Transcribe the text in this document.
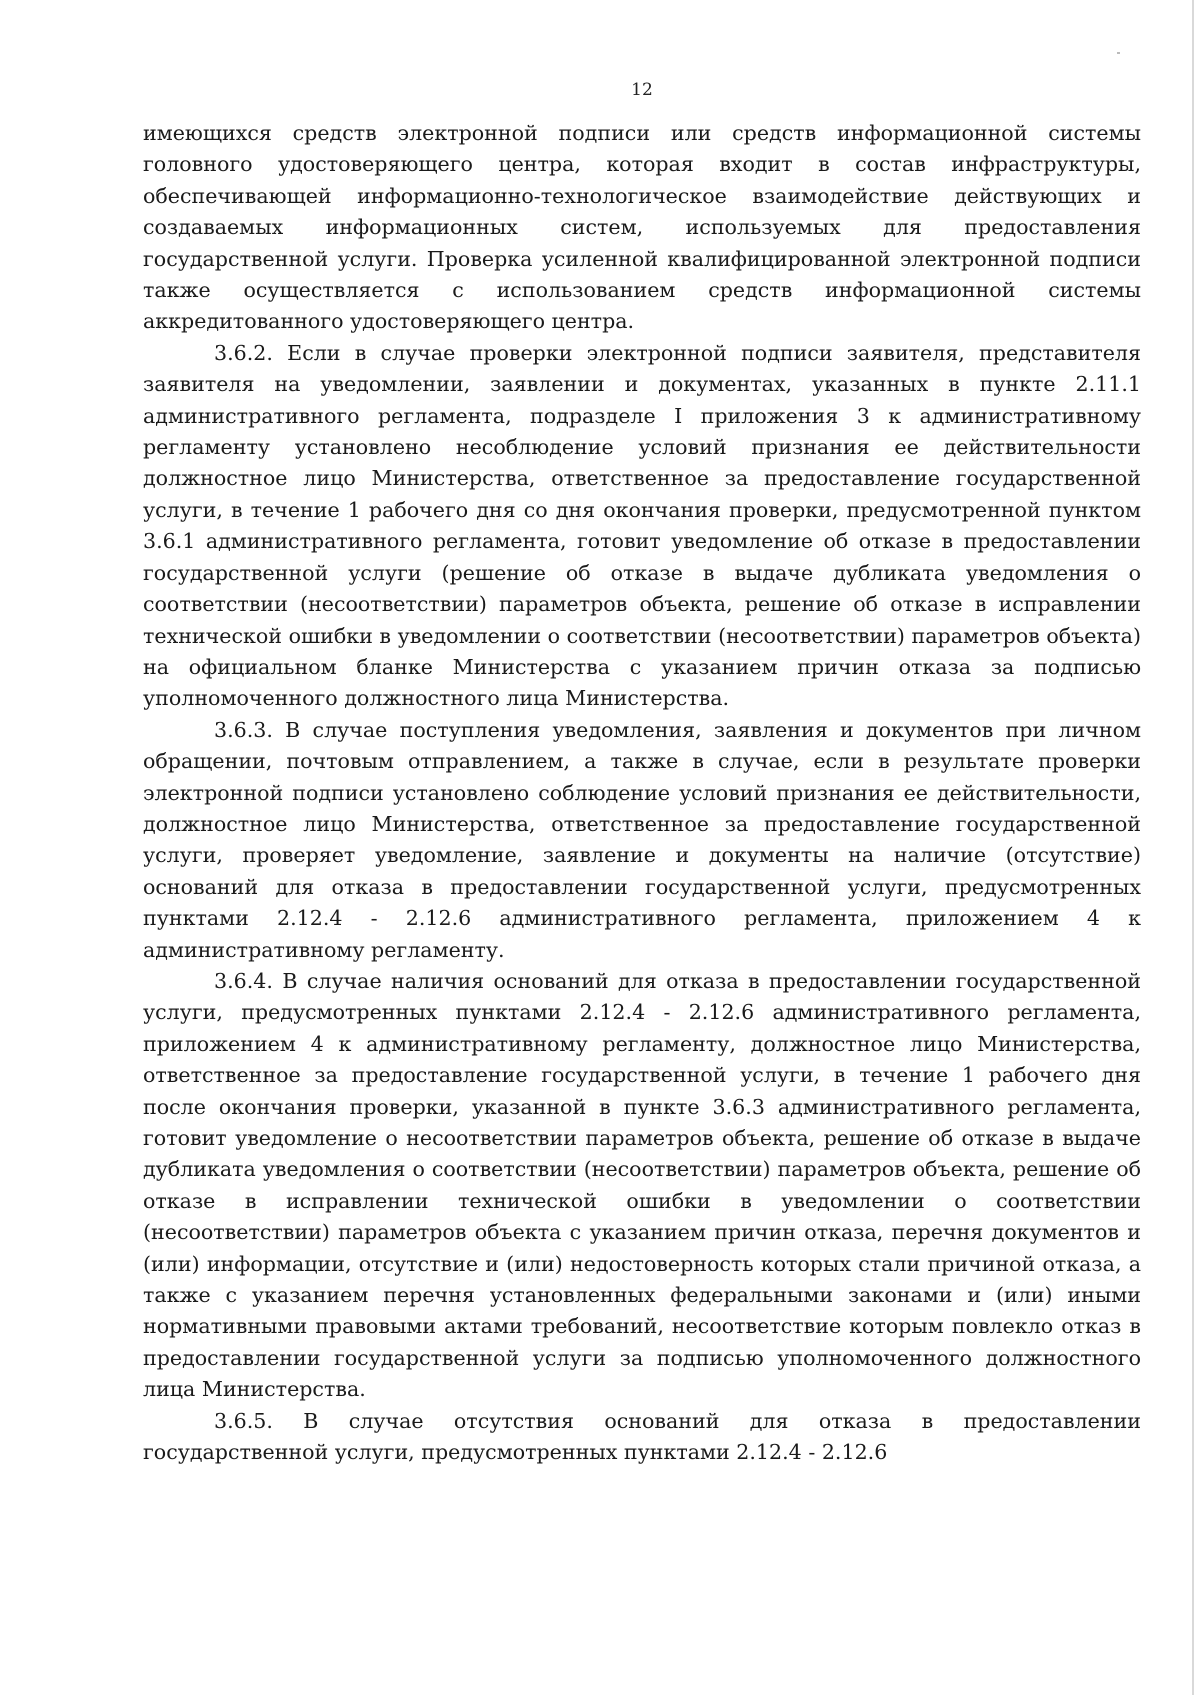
12

имеющихся средств электронной подписи или средств информационной системы головного удостоверяющего центра, которая входит в состав инфраструктуры, обеспечивающей информационно-технологическое взаимодействие действующих и создаваемых информационных систем, используемых для предоставления государственной услуги. Проверка усиленной квалифицированной электронной подписи также осуществляется с использованием средств информационной системы аккредитованного удостоверяющего центра.

3.6.2. Если в случае проверки электронной подписи заявителя, представителя заявителя на уведомлении, заявлении и документах, указанных в пункте 2.11.1 административного регламента, подразделе I приложения 3 к административному регламенту установлено несоблюдение условий признания ее действительности должностное лицо Министерства, ответственное за предоставление государственной услуги, в течение 1 рабочего дня со дня окончания проверки, предусмотренной пунктом 3.6.1 административного регламента, готовит уведомление об отказе в предоставлении государственной услуги (решение об отказе в выдаче дубликата уведомления о соответствии (несоответствии) параметров объекта, решение об отказе в исправлении технической ошибки в уведомлении о соответствии (несоответствии) параметров объекта) на официальном бланке Министерства с указанием причин отказа за подписью уполномоченного должностного лица Министерства.

3.6.3. В случае поступления уведомления, заявления и документов при личном обращении, почтовым отправлением, а также в случае, если в результате проверки электронной подписи установлено соблюдение условий признания ее действительности, должностное лицо Министерства, ответственное за предоставление государственной услуги, проверяет уведомление, заявление и документы на наличие (отсутствие) оснований для отказа в предоставлении государственной услуги, предусмотренных пунктами 2.12.4 - 2.12.6 административного регламента, приложением 4 к административному регламенту.

3.6.4. В случае наличия оснований для отказа в предоставлении государственной услуги, предусмотренных пунктами 2.12.4 - 2.12.6 административного регламента, приложением 4 к административному регламенту, должностное лицо Министерства, ответственное за предоставление государственной услуги, в течение 1 рабочего дня после окончания проверки, указанной в пункте 3.6.3 административного регламента, готовит уведомление о несоответствии параметров объекта, решение об отказе в выдаче дубликата уведомления о соответствии (несоответствии) параметров объекта, решение об отказе в исправлении технической ошибки в уведомлении о соответствии (несоответствии) параметров объекта с указанием причин отказа, перечня документов и (или) информации, отсутствие и (или) недостоверность которых стали причиной отказа, а также с указанием перечня установленных федеральными законами и (или) иными нормативными правовыми актами требований, несоответствие которым повлекло отказ в предоставлении государственной услуги за подписью уполномоченного должностного лица Министерства.

3.6.5. В случае отсутствия оснований для отказа в предоставлении государственной услуги, предусмотренных пунктами 2.12.4 - 2.12.6
